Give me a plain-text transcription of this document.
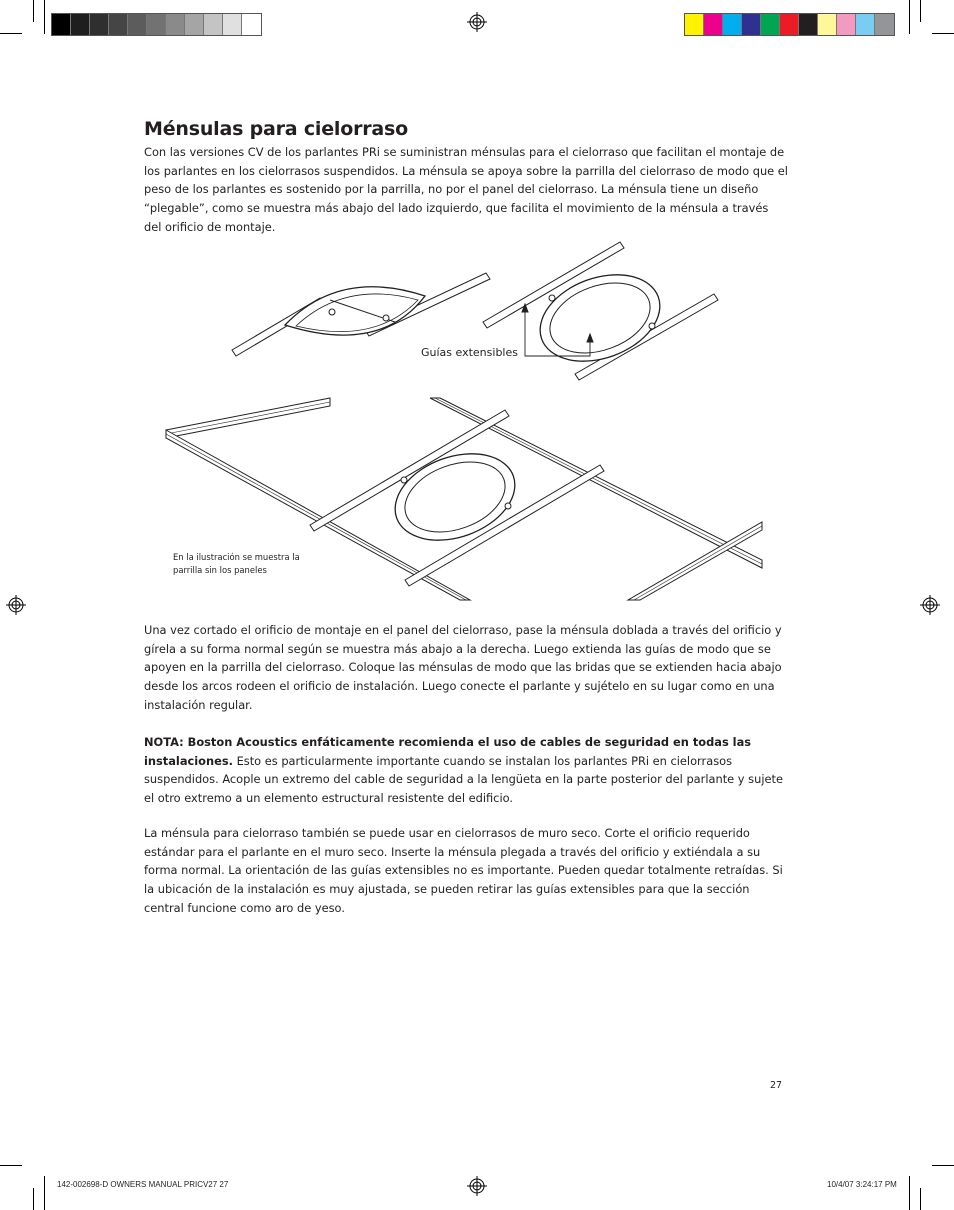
Ménsulas para cielorraso

Con las versiones CV de los parlantes PRi se suministran ménsulas para el cielorraso que facilitan el montaje de los parlantes en los cielorrasos suspendidos. La ménsula se apoya sobre la parrilla del cielorraso de modo que el peso de los parlantes es sostenido por la parrilla, no por el panel del cielorraso. La ménsula tiene un diseño “plegable”, como se muestra más abajo del lado izquierdo, que facilita el movimiento de la ménsula a través del orificio de montaje.

Guías extensibles
En la ilustración se muestra la
parrilla sin los paneles

Una vez cortado el orificio de montaje en el panel del cielorraso, pase la ménsula doblada a través del orificio y gírela a su forma normal según se muestra más abajo a la derecha. Luego extienda las guías de modo que se apoyen en la parrilla del cielorraso. Coloque las ménsulas de modo que las bridas que se extienden hacia abajo desde los arcos rodeen el orificio de instalación. Luego conecte el parlante y sujételo en su lugar como en una instalación regular.

NOTA: Boston Acoustics enfáticamente recomienda el uso de cables de seguridad en todas las instalaciones. Esto es particularmente importante cuando se instalan los parlantes PRi en cielorrasos suspendidos. Acople un extremo del cable de seguridad a la lengüeta en la parte posterior del parlante y sujete el otro extremo a un elemento estructural resistente del edificio.

La ménsula para cielorraso también se puede usar en cielorrasos de muro seco. Corte el orificio requerido estándar para el parlante en el muro seco. Inserte la ménsula plegada a través del orificio y extiéndala a su forma normal. La orientación de las guías extensibles no es importante. Pueden quedar totalmente retraídas. Si la ubicación de la instalación es muy ajustada, se pueden retirar las guías extensibles para que la sección central funcione como aro de yeso.

27
142-002698-D OWNERS MANUAL PRICV27 27	10/4/07 3:24:17 PM
